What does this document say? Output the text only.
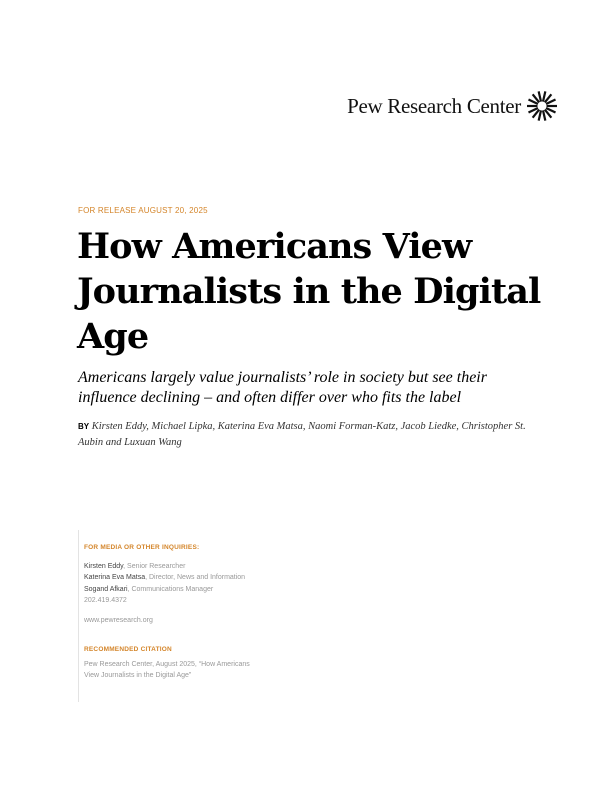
Pew Research Center
FOR RELEASE AUGUST 20, 2025
How Americans View Journalists in the Digital Age

Americans largely value journalists’ role in society but see their influence declining – and often differ over who fits the label

BY Kirsten Eddy, Michael Lipka, Katerina Eva Matsa, Naomi Forman-Katz, Jacob Liedke, Christopher St. Aubin and Luxuan Wang

FOR MEDIA OR OTHER INQUIRIES:
Kirsten Eddy, Senior Researcher
Katerina Eva Matsa, Director, News and Information
Sogand Afkari, Communications Manager
202.419.4372
www.pewresearch.org
RECOMMENDED CITATION
Pew Research Center, August 2025, “How Americans View Journalists in the Digital Age”
